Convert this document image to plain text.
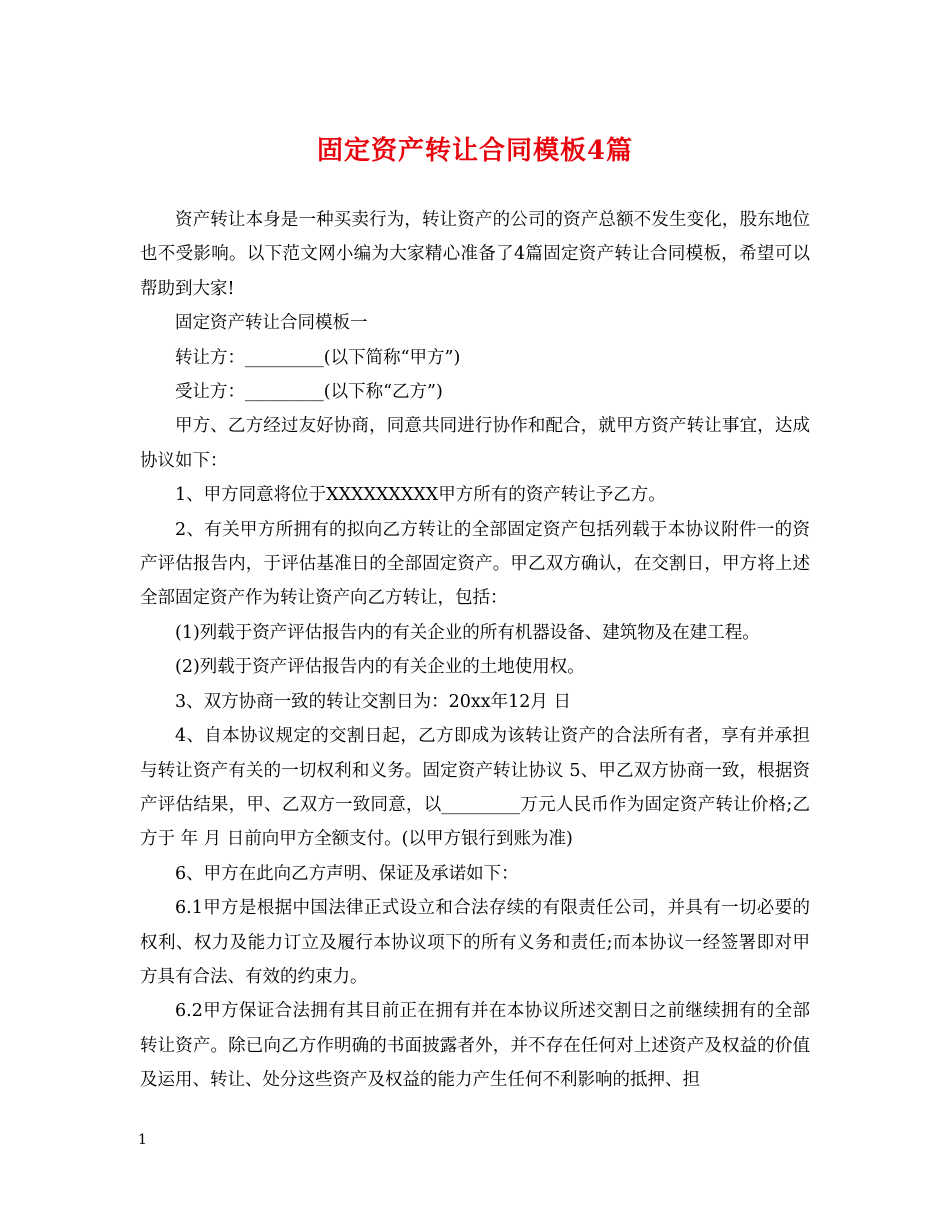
固定资产转让合同模板4篇

资产转让本身是一种买卖行为，转让资产的公司的资产总额不发生变化，股东地位也不受影响。以下范文网小编为大家精心准备了4篇固定资产转让合同模板，希望可以帮助到大家!

固定资产转让合同模板一

转让方：_________(以下简称“甲方”)

受让方：_________(以下称“乙方”)

甲方、乙方经过友好协商，同意共同进行协作和配合，就甲方资产转让事宜，达成协议如下：

1、甲方同意将位于XXXXXXXXX甲方所有的资产转让予乙方。

2、有关甲方所拥有的拟向乙方转让的全部固定资产包括列载于本协议附件一的资产评估报告内，于评估基准日的全部固定资产。甲乙双方确认，在交割日，甲方将上述全部固定资产作为转让资产向乙方转让，包括：

(1)列载于资产评估报告内的有关企业的所有机器设备、建筑物及在建工程。

(2)列载于资产评估报告内的有关企业的土地使用权。

3、双方协商一致的转让交割日为：20xx年12月 日

4、自本协议规定的交割日起，乙方即成为该转让资产的合法所有者，享有并承担与转让资产有关的一切权利和义务。固定资产转让协议 5、甲乙双方协商一致，根据资产评估结果，甲、乙双方一致同意，以_________万元人民币作为固定资产转让价格;乙方于 年 月 日前向甲方全额支付。(以甲方银行到账为准)

6、甲方在此向乙方声明、保证及承诺如下：

6.1甲方是根据中国法律正式设立和合法存续的有限责任公司，并具有一切必要的权利、权力及能力订立及履行本协议项下的所有义务和责任;而本协议一经签署即对甲方具有合法、有效的约束力。

6.2甲方保证合法拥有其目前正在拥有并在本协议所述交割日之前继续拥有的全部转让资产。除已向乙方作明确的书面披露者外，并不存在任何对上述资产及权益的价值及运用、转让、处分这些资产及权益的能力产生任何不利影响的抵押、担

1
